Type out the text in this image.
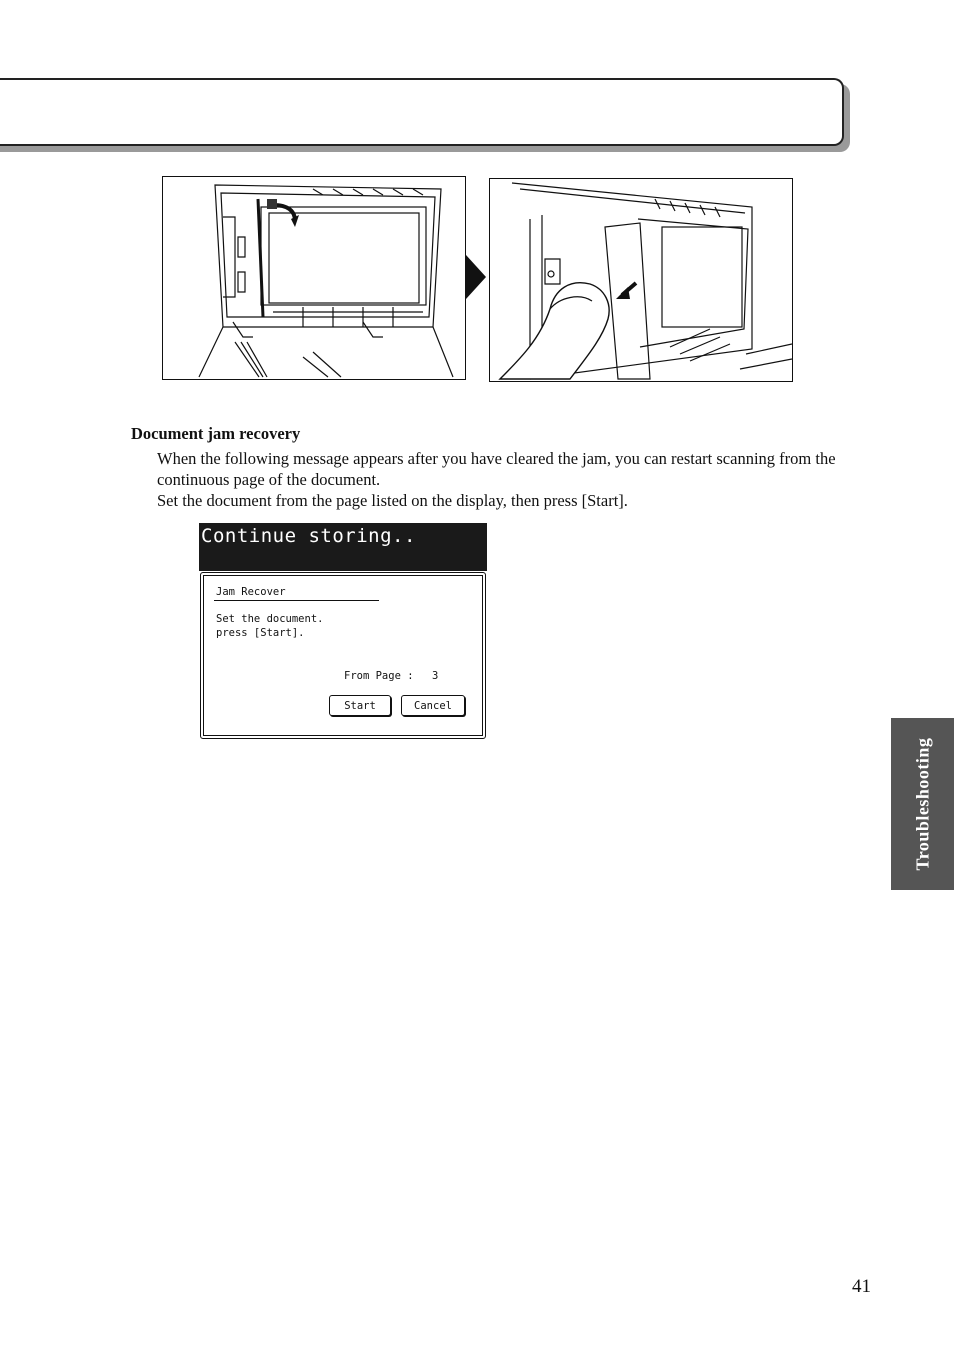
Document jam recovery

When the following message appears after you have cleared the jam, you can restart scanning from the continuous page of the document.

Set the document from the page listed on the display, then press [Start].

Continue storing..
Jam Recover
Set the document.
press [Start].
From Page : 3
Start	Cancel
Troubleshooting
41
